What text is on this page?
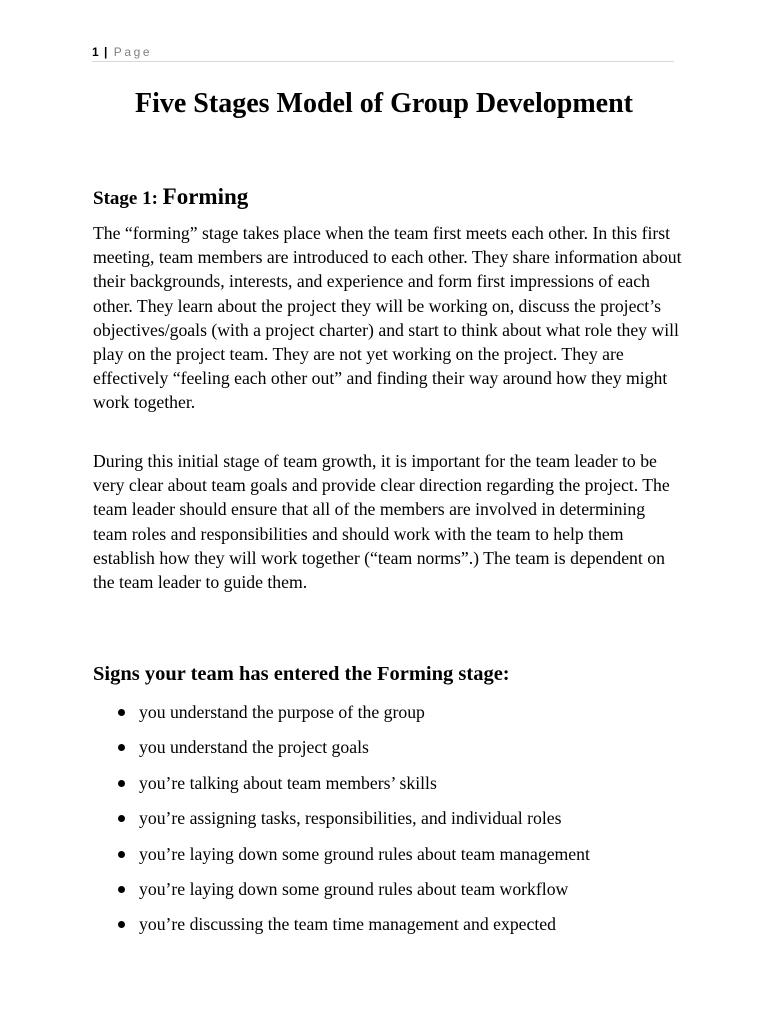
1 | Page
Five Stages Model of Group Development
Stage 1: Forming

The “forming” stage takes place when the team first meets each other. In this first meeting, team members are introduced to each other. They share information about their backgrounds, interests, and experience and form first impressions of each other. They learn about the project they will be working on, discuss the project’s objectives/goals (with a project charter) and start to think about what role they will play on the project team. They are not yet working on the project. They are effectively “feeling each other out” and finding their way around how they might work together.

During this initial stage of team growth, it is important for the team leader to be very clear about team goals and provide clear direction regarding the project. The team leader should ensure that all of the members are involved in determining team roles and responsibilities and should work with the team to help them establish how they will work together (“team norms”.) The team is dependent on the team leader to guide them.

Signs your team has entered the Forming stage:
you understand the purpose of the group
you understand the project goals
you’re talking about team members’ skills
you’re assigning tasks, responsibilities, and individual roles
you’re laying down some ground rules about team management
you’re laying down some ground rules about team workflow
you’re discussing the team time management and expected
